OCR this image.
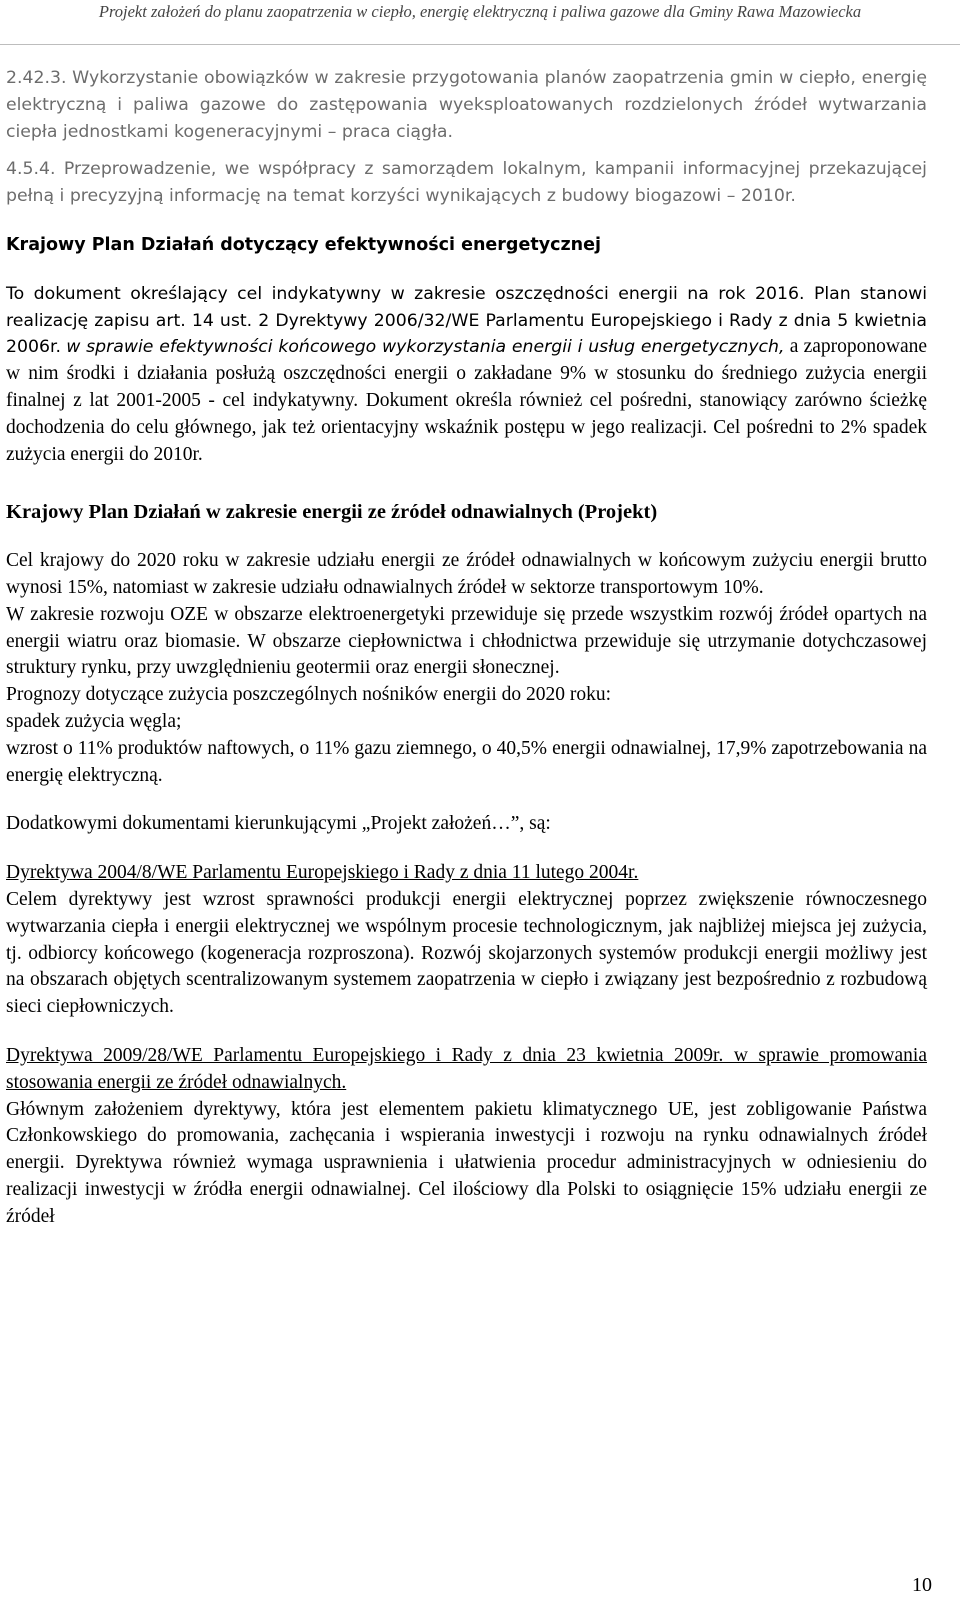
Projekt założeń do planu zaopatrzenia w ciepło, energię elektryczną i paliwa gazowe dla Gminy Rawa Mazowiecka

2.42.3. Wykorzystanie obowiązków w zakresie przygotowania planów zaopatrzenia gmin w ciepło, energię elektryczną i paliwa gazowe do zastępowania wyeksploatowanych rozdzielonych źródeł wytwarzania ciepła jednostkami kogeneracyjnymi – praca ciągła.

4.5.4. Przeprowadzenie, we współpracy z samorządem lokalnym, kampanii informacyjnej przekazującej pełną i precyzyjną informację na temat korzyści wynikających z budowy biogazowi – 2010r.

Krajowy Plan Działań dotyczący efektywności energetycznej

To dokument określający cel indykatywny w zakresie oszczędności energii na rok 2016. Plan stanowi realizację zapisu art. 14 ust. 2 Dyrektywy 2006/32/WE Parlamentu Europejskiego i Rady z dnia 5 kwietnia 2006r. w sprawie efektywności końcowego wykorzystania energii i usług energetycznych, a zaproponowane w nim środki i działania posłużą oszczędności energii o zakładane 9% w stosunku do średniego zużycia energii finalnej z lat 2001-2005 - cel indykatywny. Dokument określa również cel pośredni, stanowiący zarówno ścieżkę dochodzenia do celu głównego, jak też orientacyjny wskaźnik postępu w jego realizacji. Cel pośredni to 2% spadek zużycia energii do 2010r.

Krajowy Plan Działań w zakresie energii ze źródeł odnawialnych (Projekt)

Cel krajowy do 2020 roku w zakresie udziału energii ze źródeł odnawialnych w końcowym zużyciu energii brutto wynosi 15%, natomiast w zakresie udziału odnawialnych źródeł w sektorze transportowym 10%.

W zakresie rozwoju OZE w obszarze elektroenergetyki przewiduje się przede wszystkim rozwój źródeł opartych na energii wiatru oraz biomasie. W obszarze ciepłownictwa i chłodnictwa przewiduje się utrzymanie dotychczasowej struktury rynku, przy uwzględnieniu geotermii oraz energii słonecznej.

Prognozy dotyczące zużycia poszczególnych nośników energii do 2020 roku:

spadek zużycia węgla;

wzrost o 11% produktów naftowych, o 11% gazu ziemnego, o 40,5% energii odnawialnej, 17,9% zapotrzebowania na energię elektryczną.

Dodatkowymi dokumentami kierunkującymi „Projekt założeń…”, są:

Dyrektywa 2004/8/WE Parlamentu Europejskiego i Rady z dnia 11 lutego 2004r.

Celem dyrektywy jest wzrost sprawności produkcji energii elektrycznej poprzez zwiększenie równoczesnego wytwarzania ciepła i energii elektrycznej we wspólnym procesie technologicznym, jak najbliżej miejsca jej zużycia, tj. odbiorcy końcowego (kogeneracja rozproszona). Rozwój skojarzonych systemów produkcji energii możliwy jest na obszarach objętych scentralizowanym systemem zaopatrzenia w ciepło i związany jest bezpośrednio z rozbudową sieci ciepłowniczych.

Dyrektywa 2009/28/WE Parlamentu Europejskiego i Rady z dnia 23 kwietnia 2009r. w sprawie promowania stosowania energii ze źródeł odnawialnych.

Głównym założeniem dyrektywy, która jest elementem pakietu klimatycznego UE, jest zobligowanie Państwa Członkowskiego do promowania, zachęcania i wspierania inwestycji i rozwoju na rynku odnawialnych źródeł energii. Dyrektywa również wymaga usprawnienia i ułatwienia procedur administracyjnych w odniesieniu do realizacji inwestycji w źródła energii odnawialnej. Cel ilościowy dla Polski to osiągnięcie 15% udziału energii ze źródeł

10
